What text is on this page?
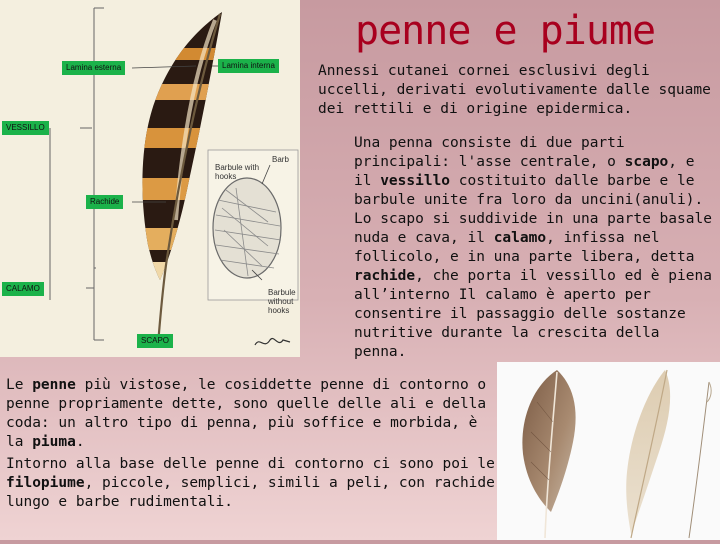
Lamina esterna	Lamina interna
VESSILLO
Rachide
CALAMO
SCAPO
Barb
Barbule with hooks
Barbule without hooks
penne e piume

Annessi cutanei cornei esclusivi degli uccelli, derivati evolutivamente dalle squame dei rettili e di origine epidermica.

Una penna consiste di due parti principali: l'asse centrale, o scapo, e il vessillo costituito dalle barbe e le barbule unite fra loro da uncini(anuli). Lo scapo si suddivide in una parte basale nuda e cava, il calamo, infissa nel follicolo, e in una parte libera, detta rachide, che porta il vessillo ed è piena all’interno Il calamo è aperto per consentire il passaggio delle sostanze nutritive durante la crescita della penna.

Le penne più vistose, le cosiddette penne di contorno o penne propriamente dette, sono quelle delle ali e della coda: un altro tipo di penna, più soffice e morbida, è la piuma.

Intorno alla base delle penne di contorno ci sono poi le filopiume, piccole, semplici, simili a peli, con rachide lungo e barbe rudimentali.
